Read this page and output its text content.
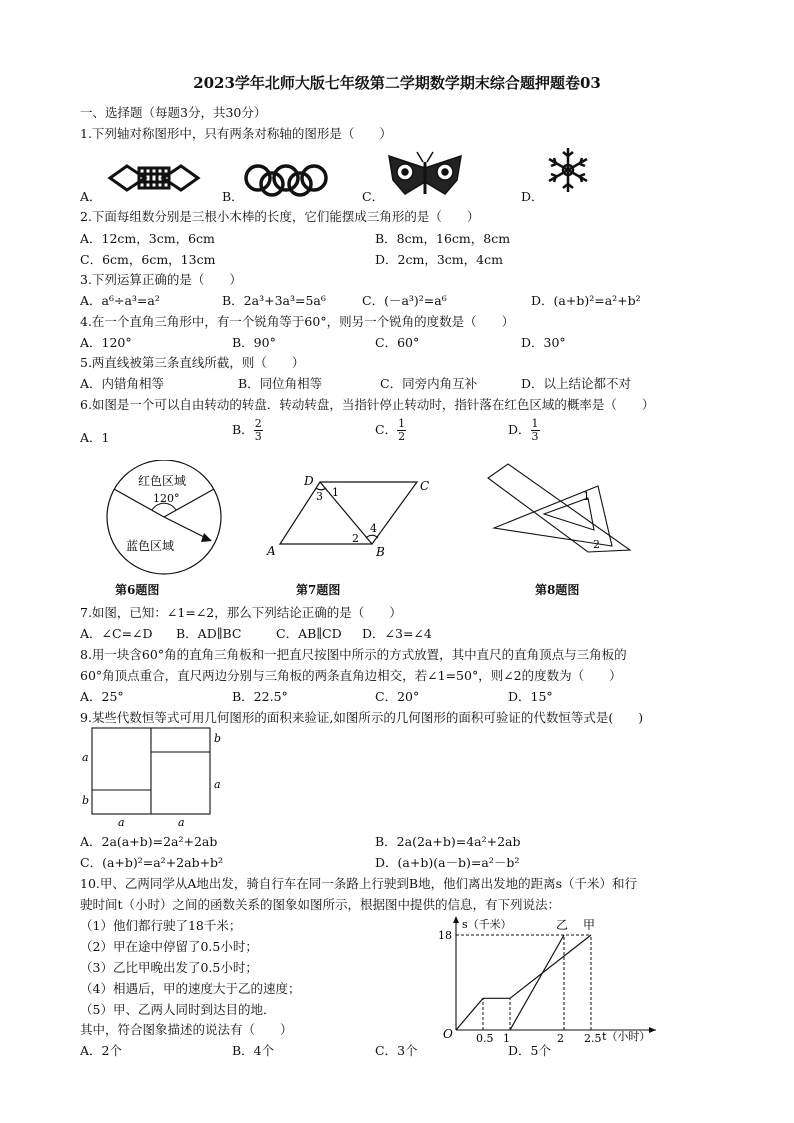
2023学年北师大版七年级第二学期数学期末综合题押题卷03
一、选择题（每题3分，共30分）
1.下列轴对称图形中，只有两条对称轴的图形是（　　）
A．	B．	C．	D．
2.下面每组数分别是三根小木棒的长度，它们能摆成三角形的是（　　）
A．12cm，3cm，6cm	B．8cm，16cm，8cm
C．6cm，6cm，13cm	D．2cm，3cm，4cm
3.下列运算正确的是（　　）
A．a⁶÷a³=a²	B．2a³+3a³=5a⁶	C．(－a³)²=a⁶	D．(a+b)²=a²+b²
4.在一个直角三角形中，有一个锐角等于60°，则另一个锐角的度数是（　　）
A．120°	B．90°	C．60°	D．30°
5.两直线被第三条直线所截，则（　　）
A．内错角相等	B．同位角相等	C．同旁内角互补	D．以上结论都不对
6.如图是一个可以自由转动的转盘．转动转盘，当指针停止转动时，指针落在红色区域的概率是（　　）
A．1
B． $\frac{2}{3}$	C． $\frac{1}{2}$	D． $\frac{1}{3}$
红色区域
120°
蓝色区域
第6题图
D	C
A	B
1
2
3
4
第7题图
1
2
第8题图
7.如图，已知：∠1=∠2，那么下列结论正确的是（　　）
A．∠C=∠D B．AD∥BC	C．AB∥CD D．∠3=∠4
8.用一块含60°角的直角三角板和一把直尺按图中所示的方式放置，其中直尺的直角顶点与三角板的
60°角顶点重合，直尺两边分别与三角板的两条直角边相交，若∠1=50°，则∠2的度数为（　　）
A．25°	B．22.5°	C．20°	D．15°
9.某些代数恒等式可用几何图形的面积来验证,如图所示的几何图形的面积可验证的代数恒等式是(　　)
a
b
b
a
a	a
A．2a(a+b)=2a²+2ab	B．2a(2a+b)=4a²+2ab
C．(a+b)²=a²+2ab+b²	D．(a+b)(a－b)=a²－b²
10.甲、乙两同学从A地出发，骑自行车在同一条路上行驶到B地，他们离出发地的距离s（千米）和行
驶时间t（小时）之间的函数关系的图象如图所示，根据图中提供的信息，有下列说法：
（1）他们都行驶了18千米；
（2）甲在途中停留了0.5小时；
（3）乙比甲晚出发了0.5小时；
（4）相遇后，甲的速度大于乙的速度；
（5）甲、乙两人同时到达目的地．
其中，符合图象描述的说法有（　　）
A．2个	B．4个	C．3个	D．5个
s（千米）
t（小时）
O 0.5 1	2 2.5
18
甲
乙
